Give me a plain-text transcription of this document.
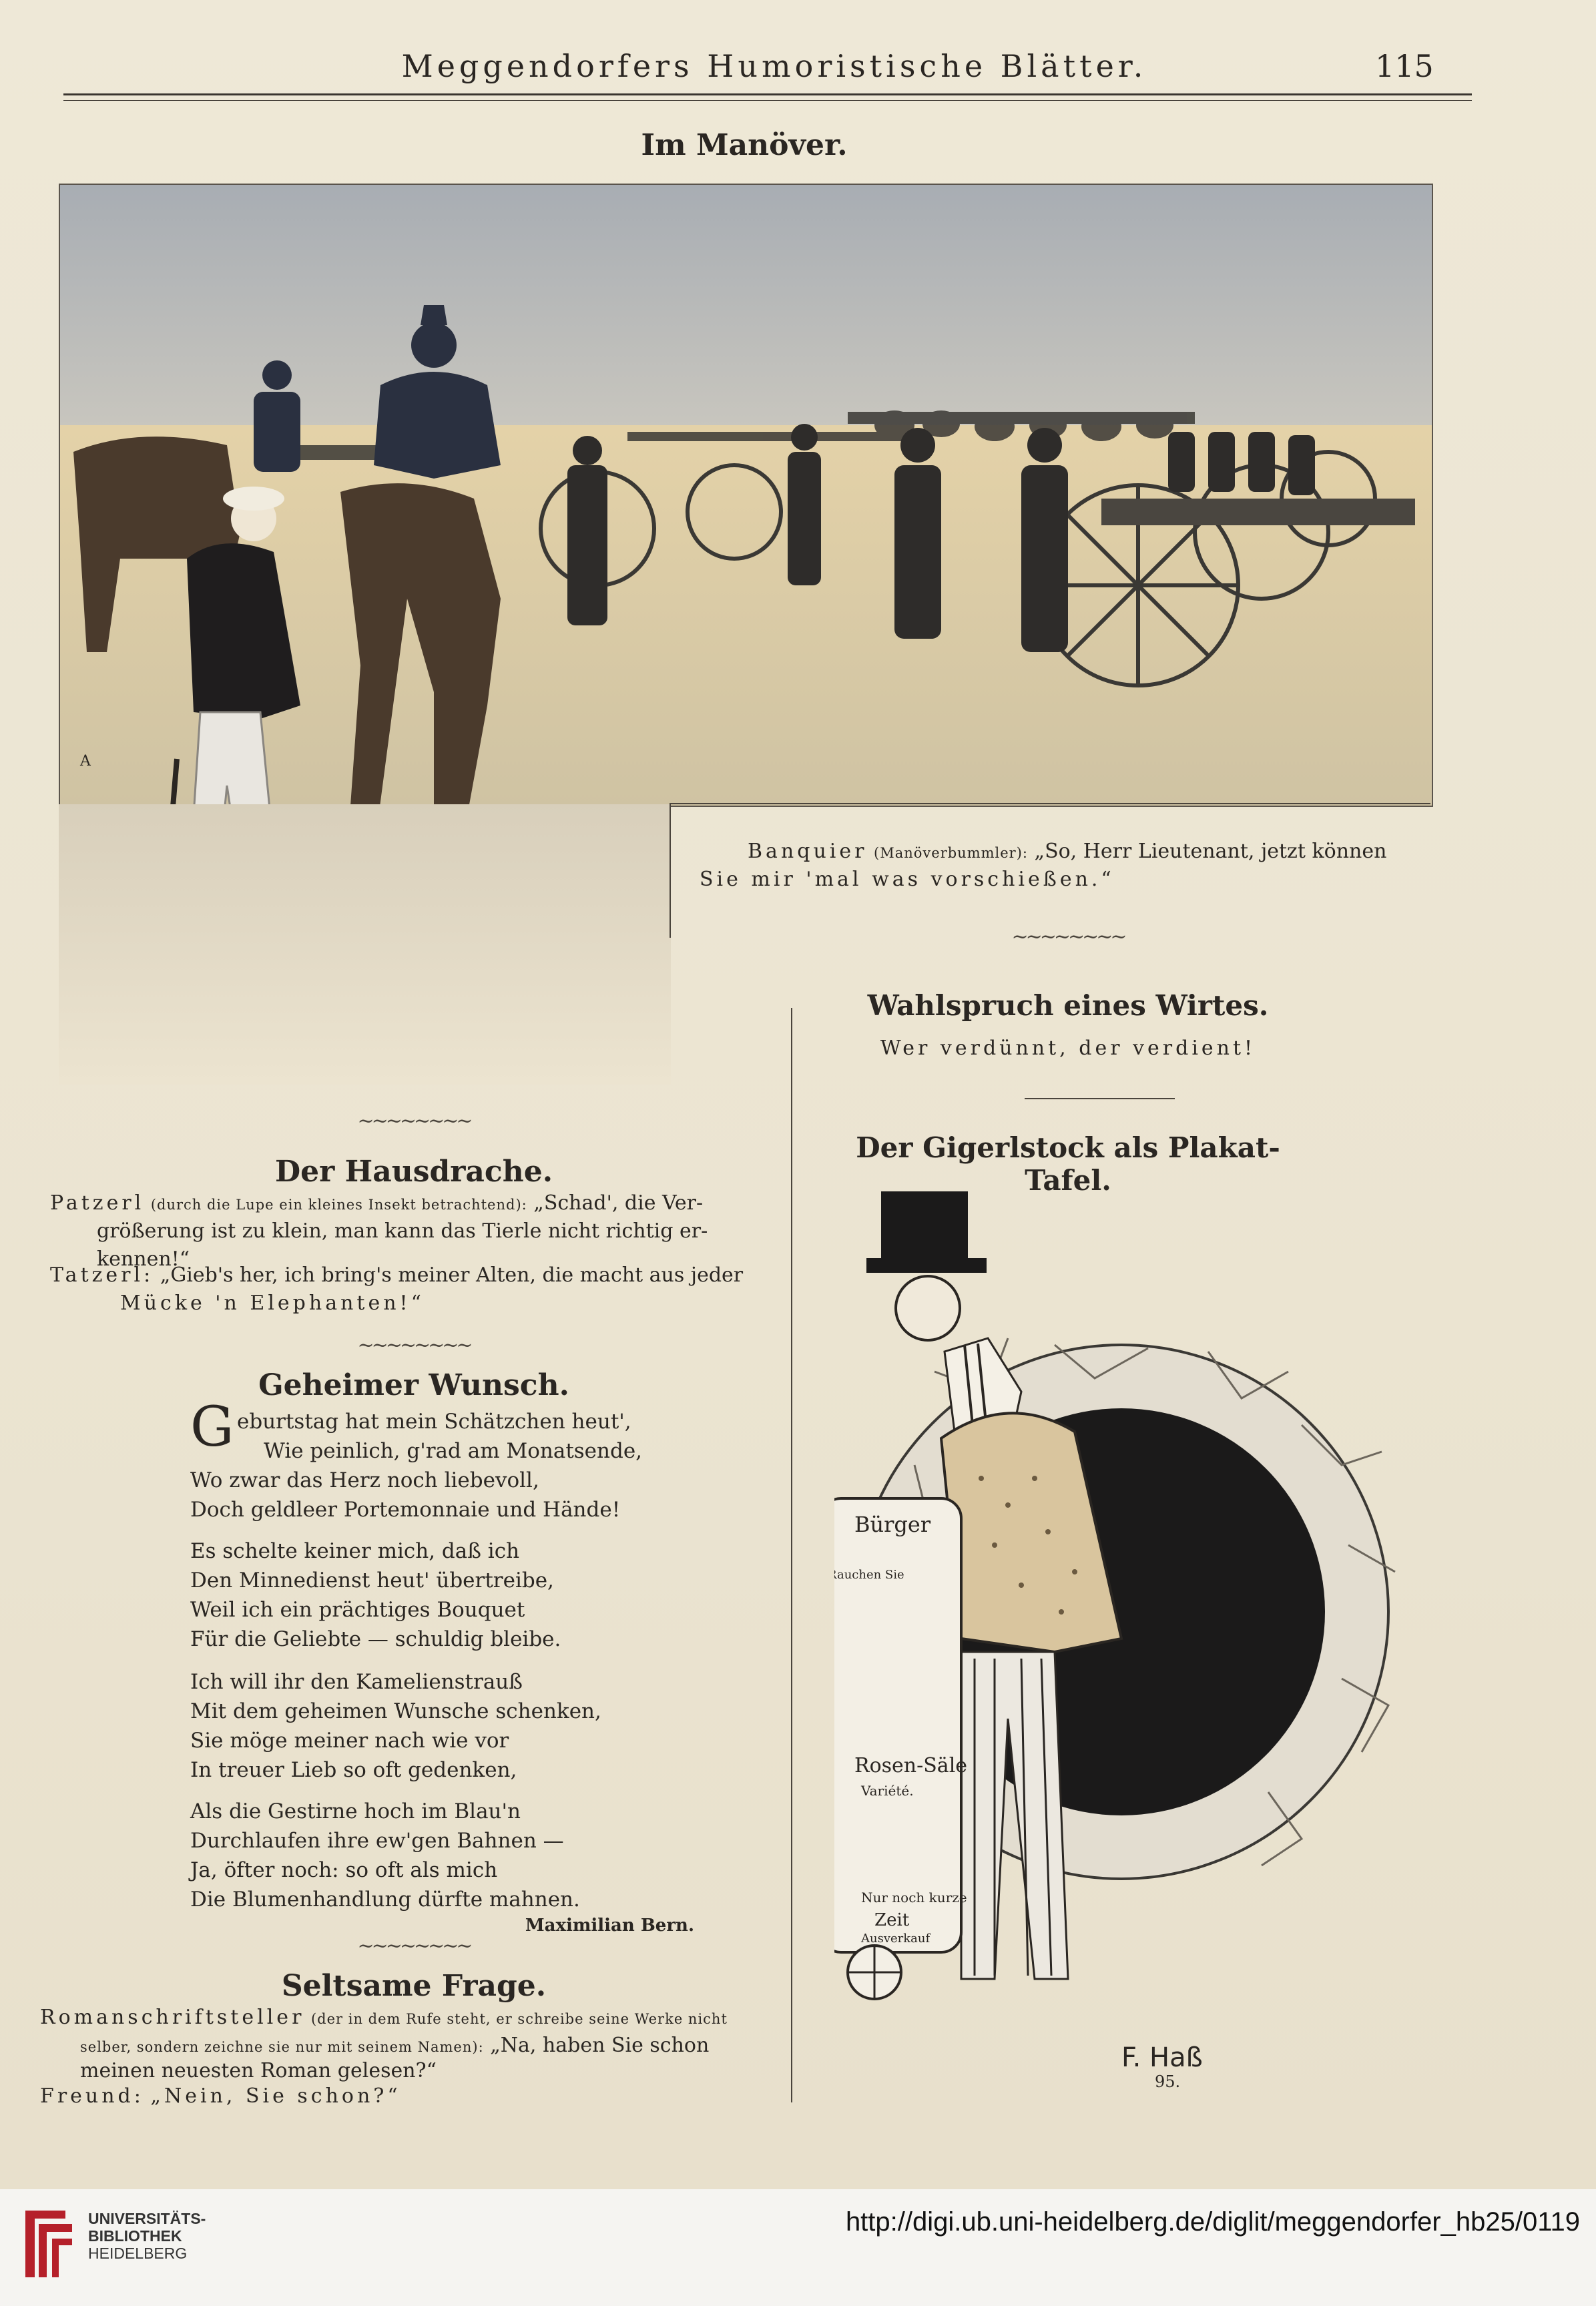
Meggendorfers Humoristische Blätter.	115
Im Manöver.
A
Banquier (Manöverbummler): „So, Herr Lieutenant, jetzt können
Sie mir 'mal was vorschießen.“
~~~~~~~~
Wahlspruch eines Wirtes.
Wer verdünnt, der verdient!
Der Gigerlstock als Plakat-Tafel.
Bürger
Rauchen Sie
Rosen-Säle
Variété.
Nur noch kurze
Zeit
Ausverkauf
F. Haß
95.
~~~~~~~~
Der Hausdrache.
Patzerl (durch die Lupe ein kleines Insekt betrachtend): „Schad', die Ver-
größerung ist zu klein, man kann das Tierle nicht richtig er-
kennen!“
Tatzerl: „Gieb's her, ich bring's meiner Alten, die macht aus jeder
Mücke 'n Elephanten!“
~~~~~~~~
Geheimer Wunsch.
G eburtstag hat mein Schätzchen heut',
Wie peinlich, g'rad am Monatsende,
Wo zwar das Herz noch liebevoll,
Doch geldleer Portemonnaie und Hände!
Es schelte keiner mich, daß ich
Den Minnedienst heut' übertreibe,
Weil ich ein prächtiges Bouquet
Für die Geliebte — schuldig bleibe.
Ich will ihr den Kamelienstrauß
Mit dem geheimen Wunsche schenken,
Sie möge meiner nach wie vor
In treuer Lieb so oft gedenken,
Als die Gestirne hoch im Blau'n
Durchlaufen ihre ew'gen Bahnen —
Ja, öfter noch: so oft als mich
Die Blumenhandlung dürfte mahnen.
Maximilian Bern.
~~~~~~~~
Seltsame Frage.
Romanschriftsteller (der in dem Rufe steht, er schreibe seine Werke nicht
selber, sondern zeichne sie nur mit seinem Namen): „Na, haben Sie schon
meinen neuesten Roman gelesen?“
Freund: „Nein, Sie schon?“
UNIVERSITÄTS-
BIBLIOTHEK
HEIDELBERG
http://digi.ub.uni-heidelberg.de/diglit/meggendorfer_hb25/0119
